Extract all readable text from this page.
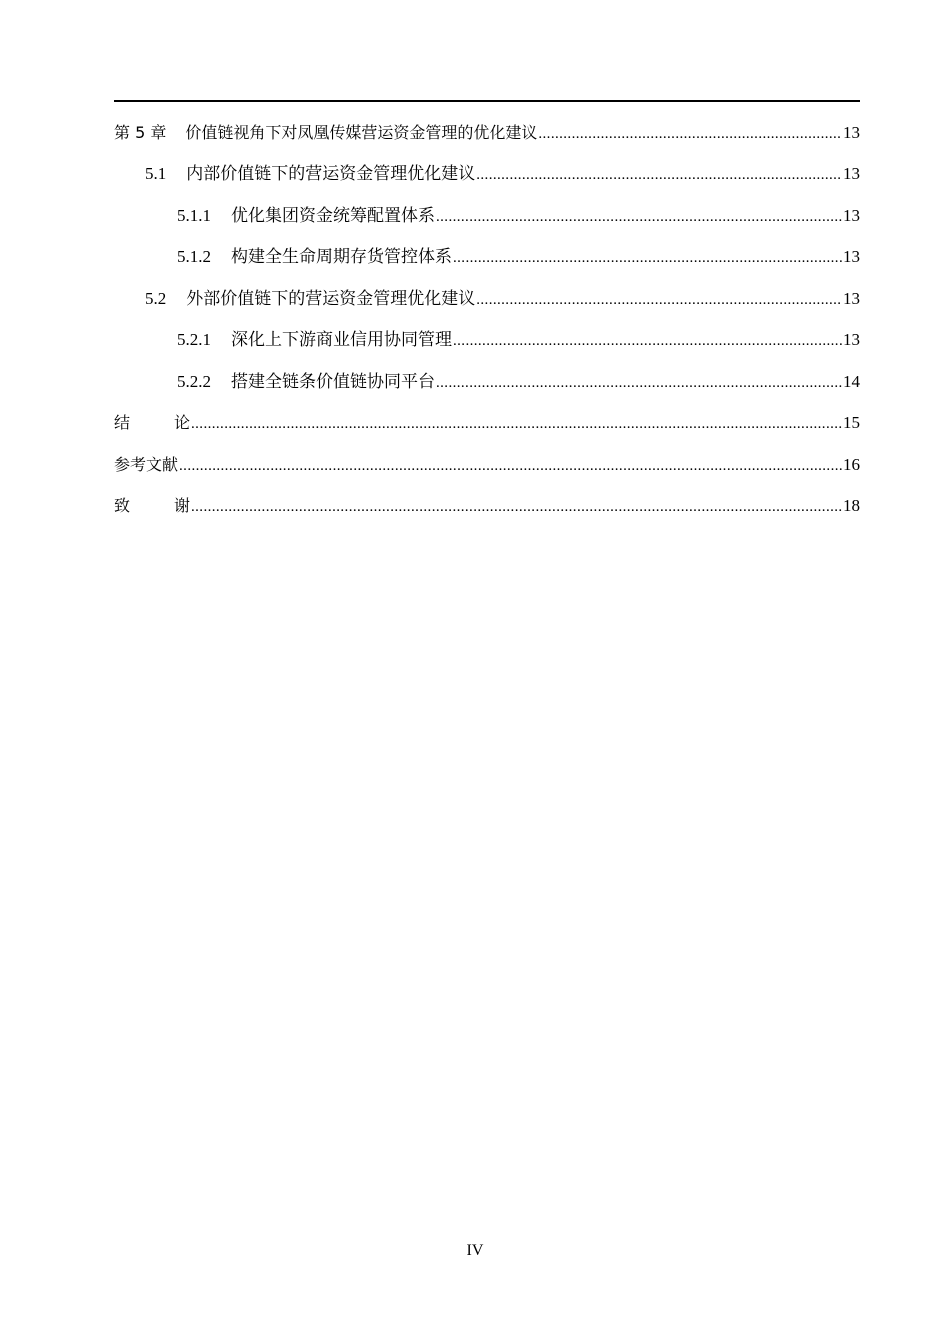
第 5 章 价值链视角下对凤凰传媒营运资金管理的优化建议 .....	13
5.1 内部价值链下的营运资金管理优化建议 .....	13
5.1.1 优化集团资金统筹配置体系 .....	13
5.1.2 构建全生命周期存货管控体系 .....	13
5.2 外部价值链下的营运资金管理优化建议 .....	13
5.2.1 深化上下游商业信用协同管理 .....	13
5.2.2 搭建全链条价值链协同平台 .....	14
结	论 .....	15
参考文献 .....	16
致	谢 .....	18
IV
